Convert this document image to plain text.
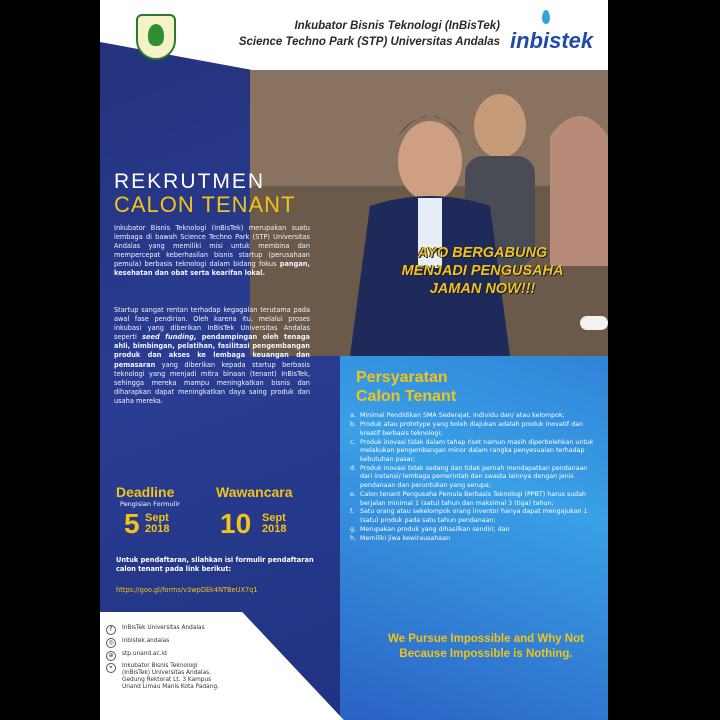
Inkubator Bisnis Teknologi (InBisTek)
Science Techno Park (STP) Universitas Andalas inbistek
REKRUTMEN
CALON TENANT
Inkubator Bisnis Teknologi (InBisTek) merupakan suatu lembaga di bawah Science Techno Park (STP) Universitas Andalas yang memiliki misi untuk membina dan mempercepat keberhasilan bisnis startup (perusahaan pemula) berbasis teknologi dalam bidang fokus pangan, kesehatan dan obat serta kearifan lokal.
Startup sangat rentan terhadap kegagalan terutama pada awal fase pendirian. Oleh karena itu, melalui proses inkubasi yang diberikan InBisTek Universitas Andalas seperti seed funding, pendampingan oleh tenaga ahli, bimbingan, pelatihan, fasilitasi pengembangan produk dan akses ke lembaga keuangan dan pemasaran yang diberikan kepada startup berbasis teknologi yang menjadi mitra binaan (tenant) InBisTek, sehingga mereka mampu meningkatkan bisnis dan diharapkan dapat meningkatkan daya saing produk dan usaha mereka.
AYO BERGABUNG
MENJADI PENGUSAHA
JAMAN NOW!!!
Persyaratan
Calon Tenant
a. Minimal Pendidikan SMA Sederajat, individu dan/ atau kelompok;
b. Produk atau prototype yang boleh diajukan adalah produk inovatif dan kreatif berbasis teknologi;
c. Produk inovasi tidak dalam tahap riset namun masih diperbolehkan untuk melakukan pengembangan minor dalam rangka penyesuaian terhadap kebutuhan pasar;
d. Produk inovasi tidak sedang dan tidak pernah mendapatkan pendanaan dari instansi/ lembaga pemerintah dan swasta lainnya dengan jenis pendanaan dan peruntukan yang serupa;
e. Calon tenant Pengusaha Pemula Berbasis Teknologi (PPBT) harus sudah berjalan minimal 1 (satu) tahun dan maksimal 3 (tiga) tahun;
f. Satu orang atau sekelompok orang inventor hanya dapat mengajukan 1 (satu) produk pada satu tahun pendanaan;
g. Merupakan produk yang dihasilkan sendiri; dan
h. Memiliki jiwa kewirausahaan
Deadline
Pengisian Formulir
5 Sept
2018
Wawancara
10 Sept
2018
Untuk pendaftaran, silahkan isi formulir pendaftaran calon tenant pada link berikut:
https://goo.gl/forms/v3wpDEk4NTBeUX7q1
f	InBisTek Universitas Andalas
◎	inbistek.andalas
⊕	stp.unand.ac.id
⌖	Inkubator Bisnis Teknologi (InBisTek) Universitas Andalas, Gedung Rektorat Lt. 3 Kampus Unand Limau Manis Kota Padang.
We Pursue Impossible and Why Not
Because Impossible is Nothing.
